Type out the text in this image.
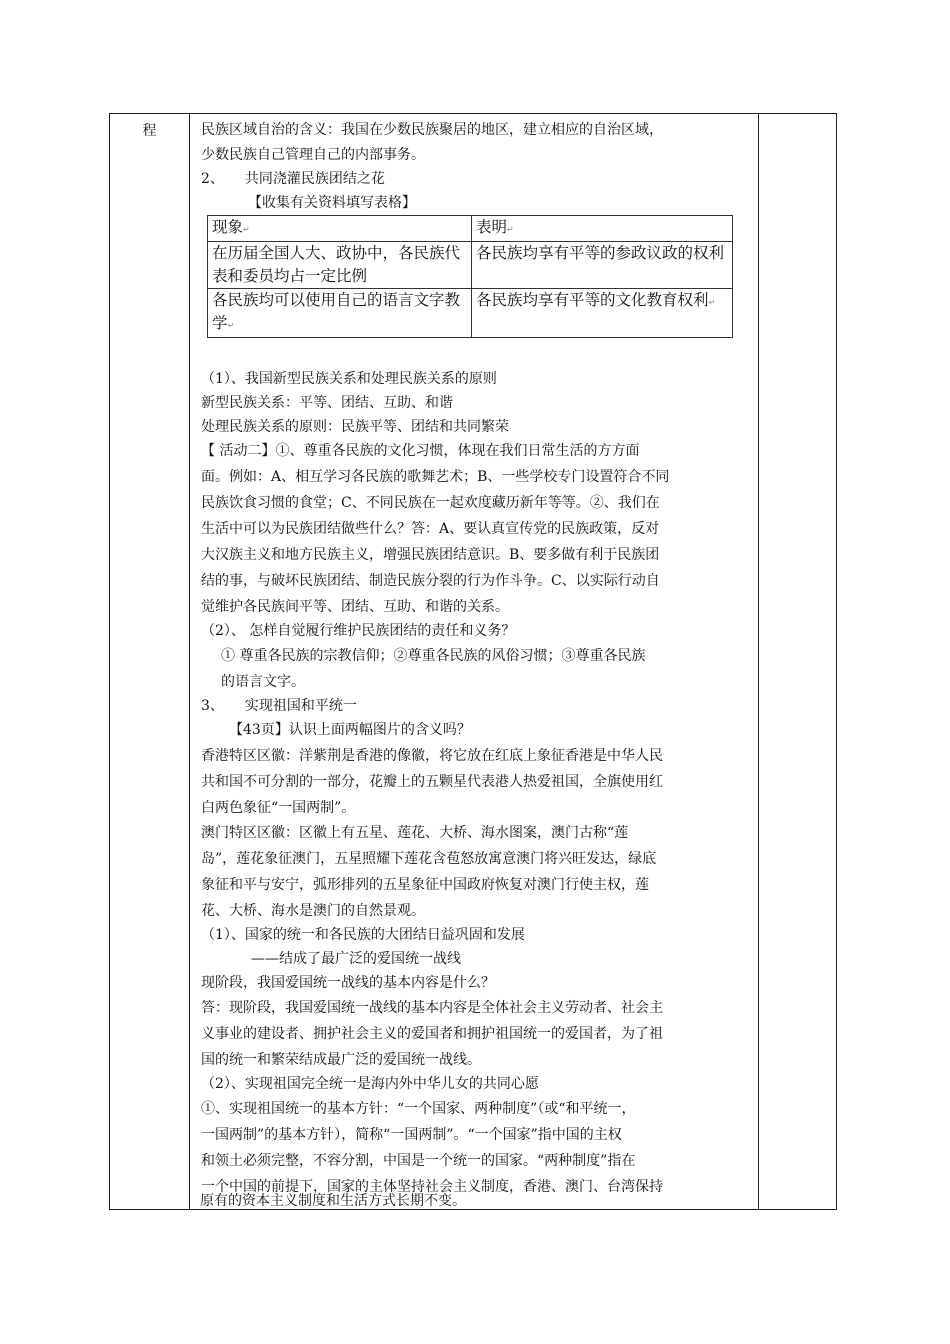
程	民族区域自治的含义：我国在少数民族聚居的地区，建立相应的自治区域，
少数民族自己管理自己的内部事务。
2、　　共同浇灌民族团结之花
【收集有关资料填写表格】
现象↵	表明↵
在历届全国人大、政协中，各民族代表和委员均占一定比例	各民族均享有平等的参政议政的权利
各民族均可以使用自己的语言文字教学↵	各民族均享有平等的文化教育权利↵
（1）、我国新型民族关系和处理民族关系的原则
新型民族关系：平等、团结、互助、和谐
处理民族关系的原则：民族平等、团结和共同繁荣
【 活动二】①、尊重各民族的文化习惯，体现在我们日常生活的方方面
面。例如：A、相互学习各民族的歌舞艺术；B、一些学校专门设置符合不同
民族饮食习惯的食堂；C、不同民族在一起欢度藏历新年等等。②、我们在
生活中可以为民族团结做些什么？答：A、要认真宣传党的民族政策，反对
大汉族主义和地方民族主义，增强民族团结意识。B、要多做有利于民族团
结的事，与破坏民族团结、制造民族分裂的行为作斗争。C、以实际行动自
觉维护各民族间平等、团结、互助、和谐的关系。
（2）、 怎样自觉履行维护民族团结的责任和义务？
① 尊重各民族的宗教信仰；②尊重各民族的风俗习惯；③尊重各民族
的语言文字。
3、　　实现祖国和平统一
【43页】认识上面两幅图片的含义吗？
香港特区区徽：洋紫荆是香港的像徽，将它放在红底上象征香港是中华人民
共和国不可分割的一部分，花瓣上的五颗星代表港人热爱祖国，全旗使用红
白两色象征“一国两制”。
澳门特区区徽：区徽上有五星、莲花、大桥、海水图案，澳门古称“莲
岛”，莲花象征澳门，五星照耀下莲花含苞怒放寓意澳门将兴旺发达，绿底
象征和平与安宁，弧形排列的五星象征中国政府恢复对澳门行使主权，莲
花、大桥、海水是澳门的自然景观。
（1）、国家的统一和各民族的大团结日益巩固和发展
——结成了最广泛的爱国统一战线
现阶段，我国爱国统一战线的基本内容是什么？
答：现阶段，我国爱国统一战线的基本内容是全体社会主义劳动者、社会主
义事业的建设者、拥护社会主义的爱国者和拥护祖国统一的爱国者，为了祖
国的统一和繁荣结成最广泛的爱国统一战线。
（2）、实现祖国完全统一是海内外中华儿女的共同心愿
①、实现祖国统一的基本方针：“一个国家、两种制度”（或“和平统一，
一国两制”的基本方针），简称“一国两制”。“一个国家”指中国的主权
和领土必须完整，不容分割，中国是一个统一的国家。“两种制度”指在
一个中国的前提下，国家的主体坚持社会主义制度，香港、澳门、台湾保持
原有的资本主义制度和生活方式长期不变。
